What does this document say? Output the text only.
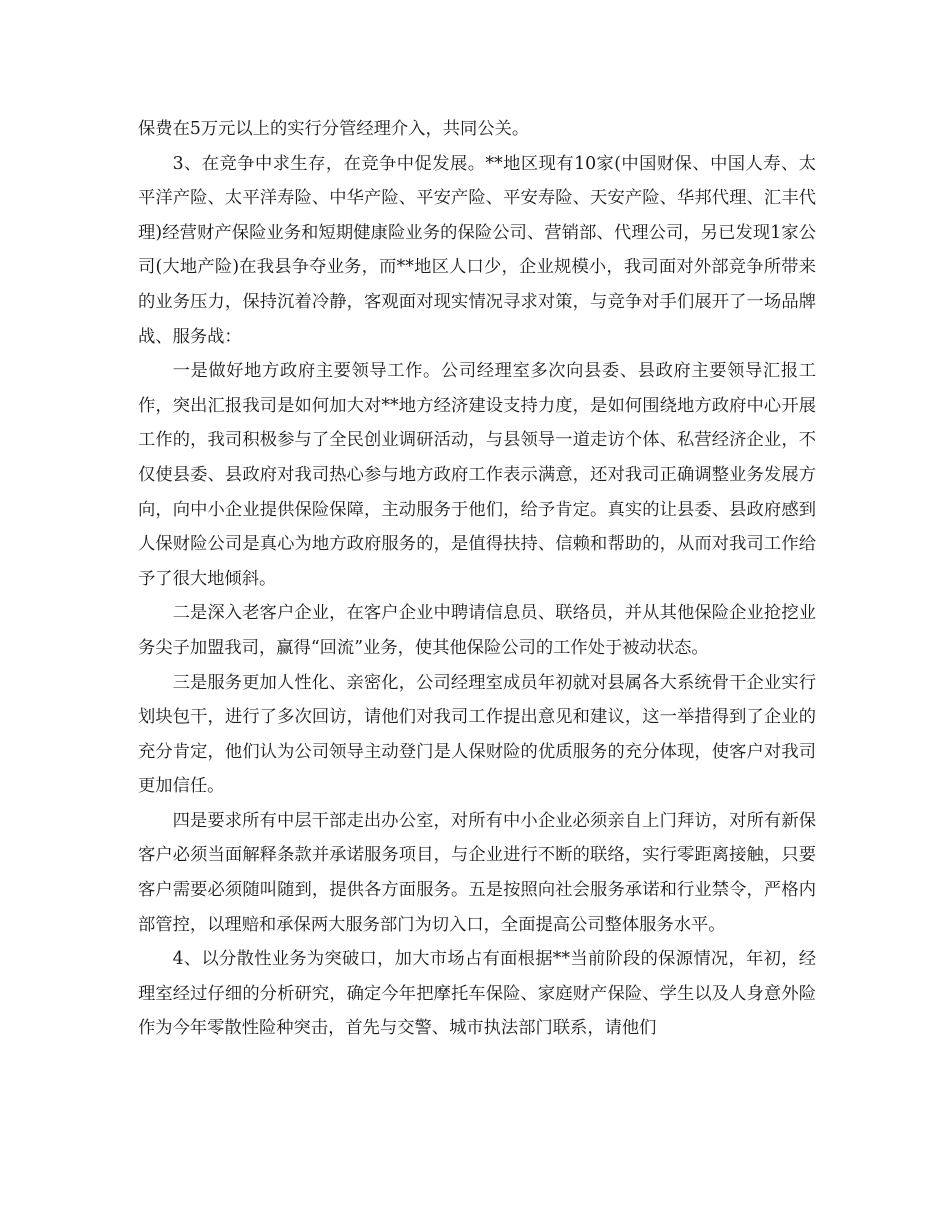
保费在5万元以上的实行分管经理介入，共同公关。

3、在竞争中求生存，在竞争中促发展。**地区现有10家(中国财保、中国人寿、太平洋产险、太平洋寿险、中华产险、平安产险、平安寿险、天安产险、华邦代理、汇丰代理)经营财产保险业务和短期健康险业务的保险公司、营销部、代理公司，另已发现1家公司(大地产险)在我县争夺业务，而**地区人口少，企业规模小，我司面对外部竞争所带来的业务压力，保持沉着冷静，客观面对现实情况寻求对策，与竞争对手们展开了一场品牌战、服务战：

一是做好地方政府主要领导工作。公司经理室多次向县委、县政府主要领导汇报工作，突出汇报我司是如何加大对**地方经济建设支持力度，是如何围绕地方政府中心开展工作的，我司积极参与了全民创业调研活动，与县领导一道走访个体、私营经济企业，不仅使县委、县政府对我司热心参与地方政府工作表示满意，还对我司正确调整业务发展方向，向中小企业提供保险保障，主动服务于他们，给予肯定。真实的让县委、县政府感到人保财险公司是真心为地方政府服务的，是值得扶持、信赖和帮助的，从而对我司工作给予了很大地倾斜。

二是深入老客户企业，在客户企业中聘请信息员、联络员，并从其他保险企业抢挖业务尖子加盟我司，赢得“回流”业务，使其他保险公司的工作处于被动状态。

三是服务更加人性化、亲密化，公司经理室成员年初就对县属各大系统骨干企业实行划块包干，进行了多次回访，请他们对我司工作提出意见和建议，这一举措得到了企业的充分肯定，他们认为公司领导主动登门是人保财险的优质服务的充分体现，使客户对我司更加信任。

四是要求所有中层干部走出办公室，对所有中小企业必须亲自上门拜访，对所有新保客户必须当面解释条款并承诺服务项目，与企业进行不断的联络，实行零距离接触，只要客户需要必须随叫随到，提供各方面服务。五是按照向社会服务承诺和行业禁令，严格内部管控，以理赔和承保两大服务部门为切入口，全面提高公司整体服务水平。

4、以分散性业务为突破口，加大市场占有面根据**当前阶段的保源情况，年初，经理室经过仔细的分析研究，确定今年把摩托车保险、家庭财产保险、学生以及人身意外险作为今年零散性险种突击，首先与交警、城市执法部门联系，请他们
